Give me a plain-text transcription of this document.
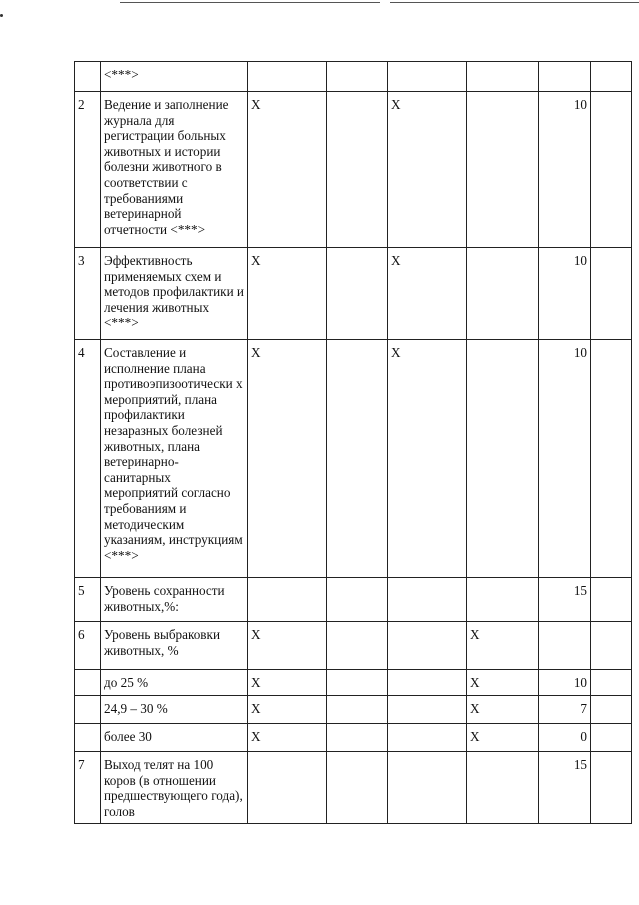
	<***>						
2	Ведение и заполнение журнала для регистрации больных животных и истории болезни животного в соответствии с требованиями ветеринарной отчетности <***>	X		X		10	
3	Эффективность применяемых схем и методов профилактики и лечения животных <***>	X		X		10	
4	Составление и исполнение плана противоэпизоотически х мероприятий, плана профилактики незаразных болезней животных, плана ветеринарно-санитарных мероприятий согласно требованиям и методическим указаниям, инструкциям <***>	X		X		10	
5	Уровень сохранности животных,%:					15	
6	Уровень выбраковки животных, %	X			X		
	до 25 %	X			X	10	
	24,9 – 30 %	X			X	7	
	более 30	X			X	0	
7	Выход телят на 100 коров (в отношении предшествующего года), голов					15	
